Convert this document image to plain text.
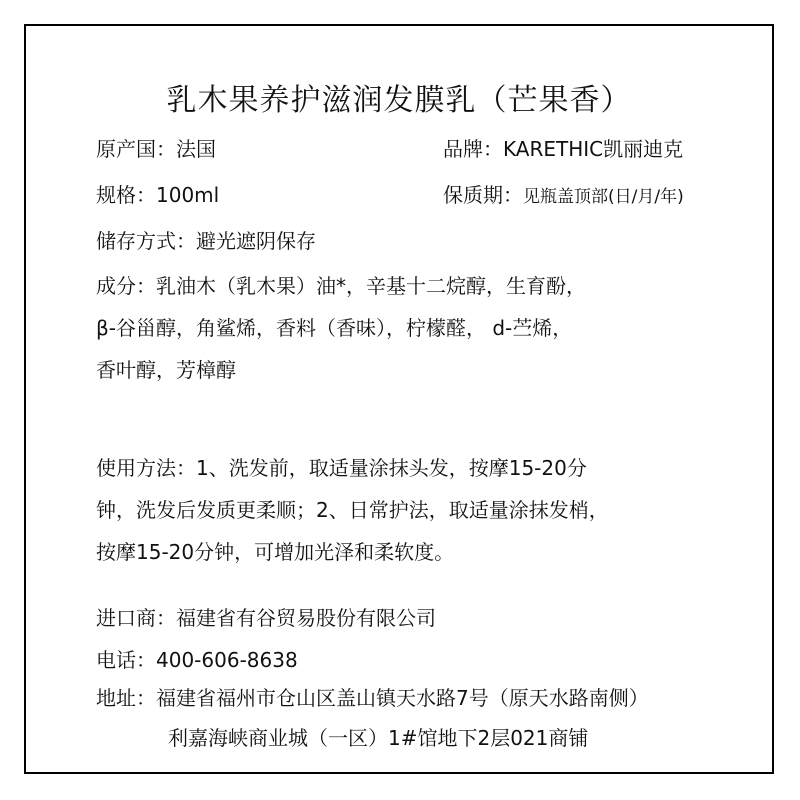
乳木果养护滋润发膜乳（芒果香）
原产国：法国	品牌：KARETHIC凯丽迪克
规格：100ml	保质期：见瓶盖顶部(日/月/年)
储存方式：避光遮阴保存
成分：乳油木（乳木果）油*，辛基十二烷醇，生育酚，
β-谷甾醇，角鲨烯，香料（香味），柠檬醛， d-苎烯，
香叶醇，芳樟醇
使用方法：1、洗发前，取适量涂抹头发，按摩15-20分
钟，洗发后发质更柔顺；2、日常护法，取适量涂抹发梢，
按摩15-20分钟，可增加光泽和柔软度。
进口商：福建省有谷贸易股份有限公司
电话：400-606-8638
地址：福建省福州市仓山区盖山镇天水路7号（原天水路南侧）
利嘉海峡商业城（一区）1#馆地下2层021商铺
